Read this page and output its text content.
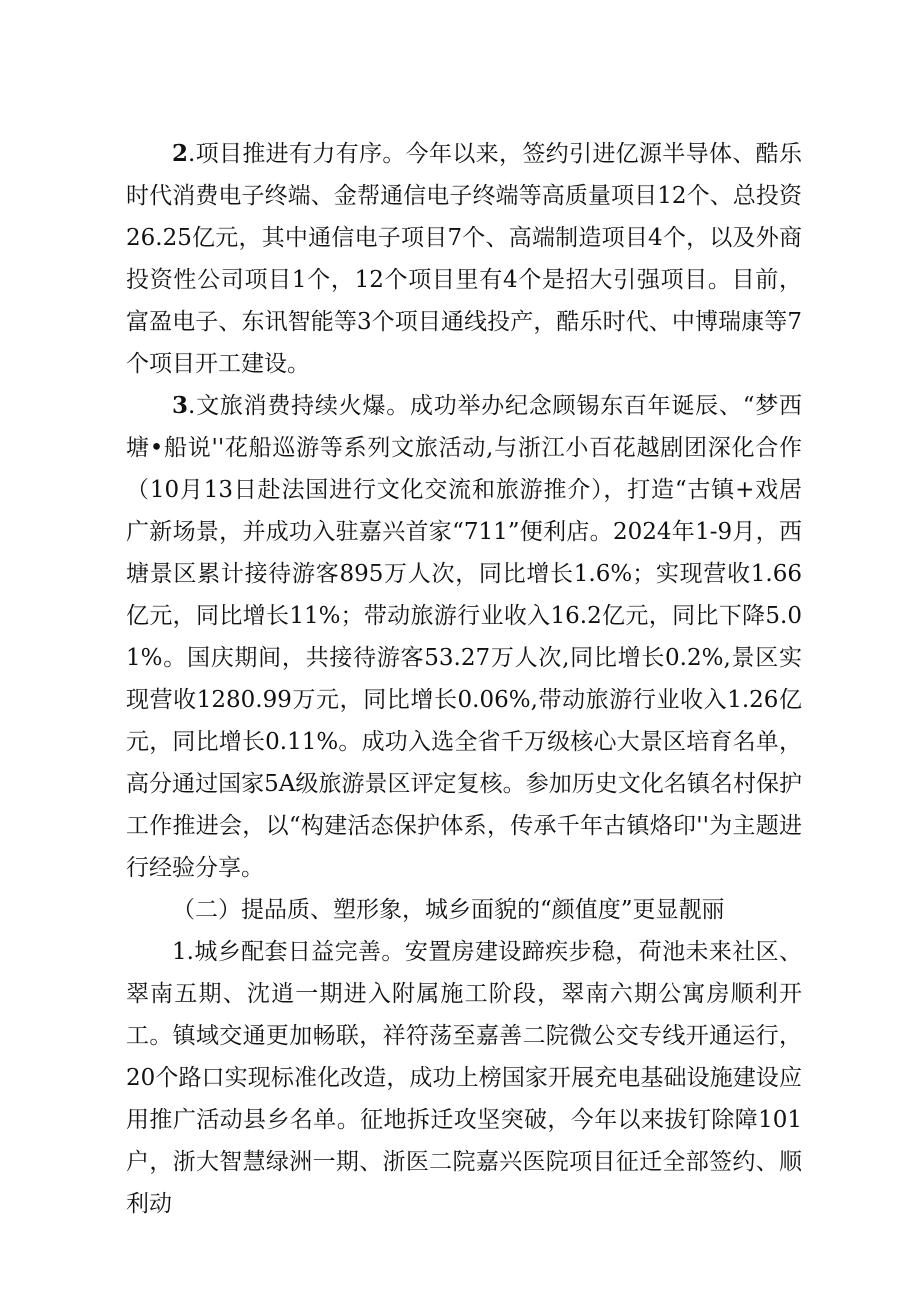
2.项目推进有力有序。今年以来，签约引进亿源半导体、酷乐时代消费电子终端、金帮通信电子终端等高质量项目12个、总投资26.25亿元，其中通信电子项目7个、高端制造项目4个，以及外商投资性公司项目1个，12个项目里有4个是招大引强项目。目前，富盈电子、东讯智能等3个项目通线投产，酷乐时代、中博瑞康等7个项目开工建设。

3.文旅消费持续火爆。成功举办纪念顾锡东百年诞辰、“梦西塘•船说''花船巡游等系列文旅活动,与浙江小百花越剧团深化合作（10月13日赴法国进行文化交流和旅游推介），打造“古镇+戏居广新场景，并成功入驻嘉兴首家“711”便利店。2024年1-9月，西塘景区累计接待游客895万人次，同比增长1.6%；实现营收1.66亿元，同比增长11%；带动旅游行业收入16.2亿元，同比下降5.01%。国庆期间，共接待游客53.27万人次,同比增长0.2%,景区实现营收1280.99万元，同比增长0.06%,带动旅游行业收入1.26亿元，同比增长0.11%。成功入选全省千万级核心大景区培育名单，高分通过国家5A级旅游景区评定复核。参加历史文化名镇名村保护工作推进会，以“构建活态保护体系，传承千年古镇烙印''为主题进行经验分享。

（二）提品质、塑形象，城乡面貌的“颜值度”更显靓丽

1.城乡配套日益完善。安置房建设蹄疾步稳，荷池未来社区、翠南五期、沈逍一期进入附属施工阶段，翠南六期公寓房顺利开工。镇域交通更加畅联，祥符荡至嘉善二院微公交专线开通运行，20个路口实现标准化改造，成功上榜国家开展充电基础设施建设应用推广活动县乡名单。征地拆迁攻坚突破，今年以来拔钉除障101户，浙大智慧绿洲一期、浙医二院嘉兴医院项目征迁全部签约、顺利动
